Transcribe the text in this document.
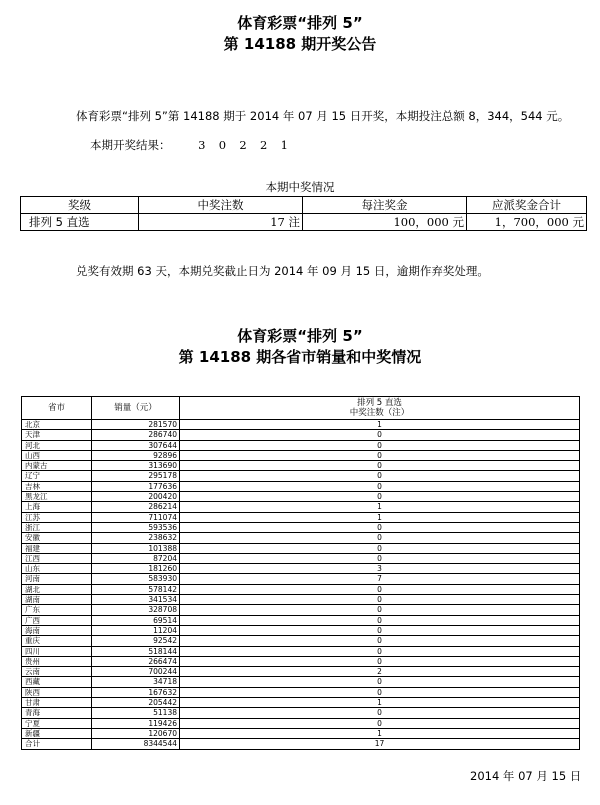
体育彩票“排列 5”
第 14188 期开奖公告
体育彩票“排列 5”第 14188 期于 2014 年 07 月 15 日开奖，本期投注总额 8，344，544 元。
本期开奖结果： 3  0  2  2  1
本期中奖情况
奖级	中奖注数	每注奖金	应派奖金合计
排列 5 直选	17 注	100，000 元	1，700，000 元
兑奖有效期 63 天，本期兑奖截止日为 2014 年 09 月 15 日，逾期作弃奖处理。
体育彩票“排列 5”
第 14188 期各省市销量和中奖情况
省市	销量（元）	排列 5 直选
中奖注数（注）

北京	281570	1
天津	286740	0
河北	307644	0
山西	92896	0
内蒙古	313690	0
辽宁	295178	0
吉林	177636	0
黑龙江	200420	0
上海	286214	1
江苏	711074	1
浙江	593536	0
安徽	238632	0
福建	101388	0
江西	87204	0
山东	181260	3
河南	583930	7
湖北	578142	0
湖南	341534	0
广东	328708	0
广西	69514	0
海南	11204	0
重庆	92542	0
四川	518144	0
贵州	266474	0
云南	700244	2
西藏	34718	0
陕西	167632	0
甘肃	205442	1
青海	51138	0
宁夏	119426	0
新疆	120670	1
合计	8344544	17
2014 年 07 月 15 日
